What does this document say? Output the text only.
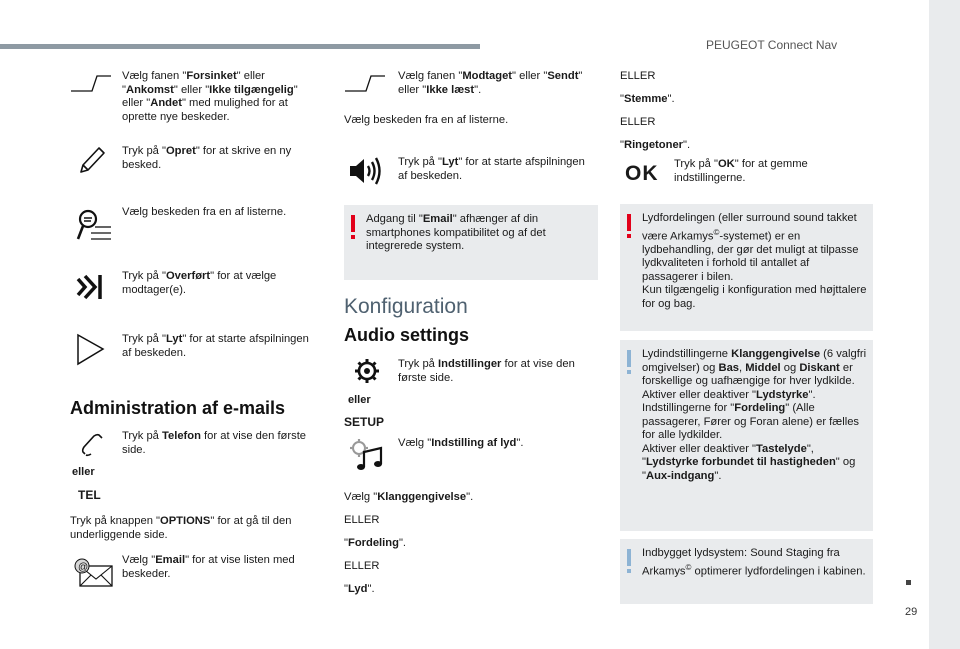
PEUGEOT Connect Nav
29
Vælg fanen "Forsinket" eller "Ankomst" eller "Ikke tilgængelig" eller "Andet" med mulighed for at oprette nye beskeder.
Tryk på "Opret" for at skrive en ny besked.
Vælg beskeden fra en af listerne.
Tryk på "Overført" for at vælge modtager(e).
Tryk på "Lyt" for at starte afspilningen af beskeden.
Administration af e-mails
eller
TEL
Tryk på Telefon for at vise den første side.
Tryk på knappen "OPTIONS" for at gå til den underliggende side.
@
Vælg "Email" for at vise listen med beskeder.
Vælg fanen "Modtaget" eller "Sendt" eller "Ikke læst".
Vælg beskeden fra en af listerne.
Tryk på "Lyt" for at starte afspilningen af beskeden.
Adgang til "Email" afhænger af din smartphones kompatibilitet og af det integrerede system.
Konfiguration
Audio settings
eller
SETUP
Tryk på Indstillinger for at vise den første side.
Vælg "Indstilling af lyd".
Vælg "Klanggengivelse".
ELLER
"Fordeling".
ELLER
"Lyd".
ELLER
"Stemme".
ELLER
"Ringetoner".
OK Tryk på "OK" for at gemme indstillingerne.
Lydfordelingen (eller surround sound takket være Arkamys©-systemet) er en lydbehandling, der gør det muligt at tilpasse lydkvaliteten i forhold til antallet af passagerer i bilen.
Kun tilgængelig i konfiguration med højttalere for og bag.
Lydindstillingerne Klanggengivelse (6 valgfri omgivelser) og Bas, Middel og Diskant er forskellige og uafhængige for hver lydkilde.
Aktiver eller deaktiver "Lydstyrke".
Indstillingerne for "Fordeling" (Alle passagerer, Fører og Foran alene) er fælles for alle lydkilder.
Aktiver eller deaktiver "Tastelyde", "Lydstyrke forbundet til hastigheden" og "Aux-indgang".
Indbygget lydsystem: Sound Staging fra Arkamys© optimerer lydfordelingen i kabinen.
